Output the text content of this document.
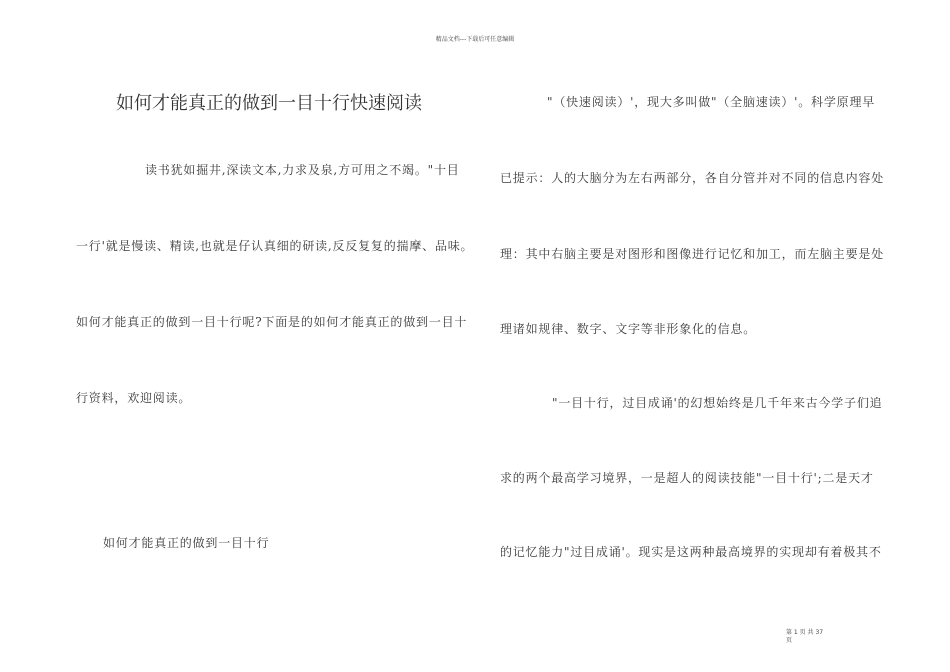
精品文档---下载后可任意编辑
如何才能真正的做到一目十行快速阅读
读书犹如掘井,深读文本,力求及泉,方可用之不竭。"十目
一行'就是慢读、精读,也就是仔认真细的研读,反反复复的揣摩、品味。
如何才能真正的做到一目十行呢?下面是的如何才能真正的做到一目十
行资料，欢迎阅读。
如何才能真正的做到一目十行
"（快速阅读）'，现大多叫做"（全脑速读）'。科学原理早
已提示：人的大脑分为左右两部分，各自分管并对不同的信息内容处
理：其中右脑主要是对图形和图像进行记忆和加工，而左脑主要是处
理诸如规律、数字、文字等非形象化的信息。
"一目十行，过目成诵'的幻想始终是几千年来古今学子们追
求的两个最高学习境界，一是超人的阅读技能"一目十行';二是天才
的记忆能力"过目成诵'。现实是这两种最高境界的实现却有着极其不
第 1 页 共 37
页
